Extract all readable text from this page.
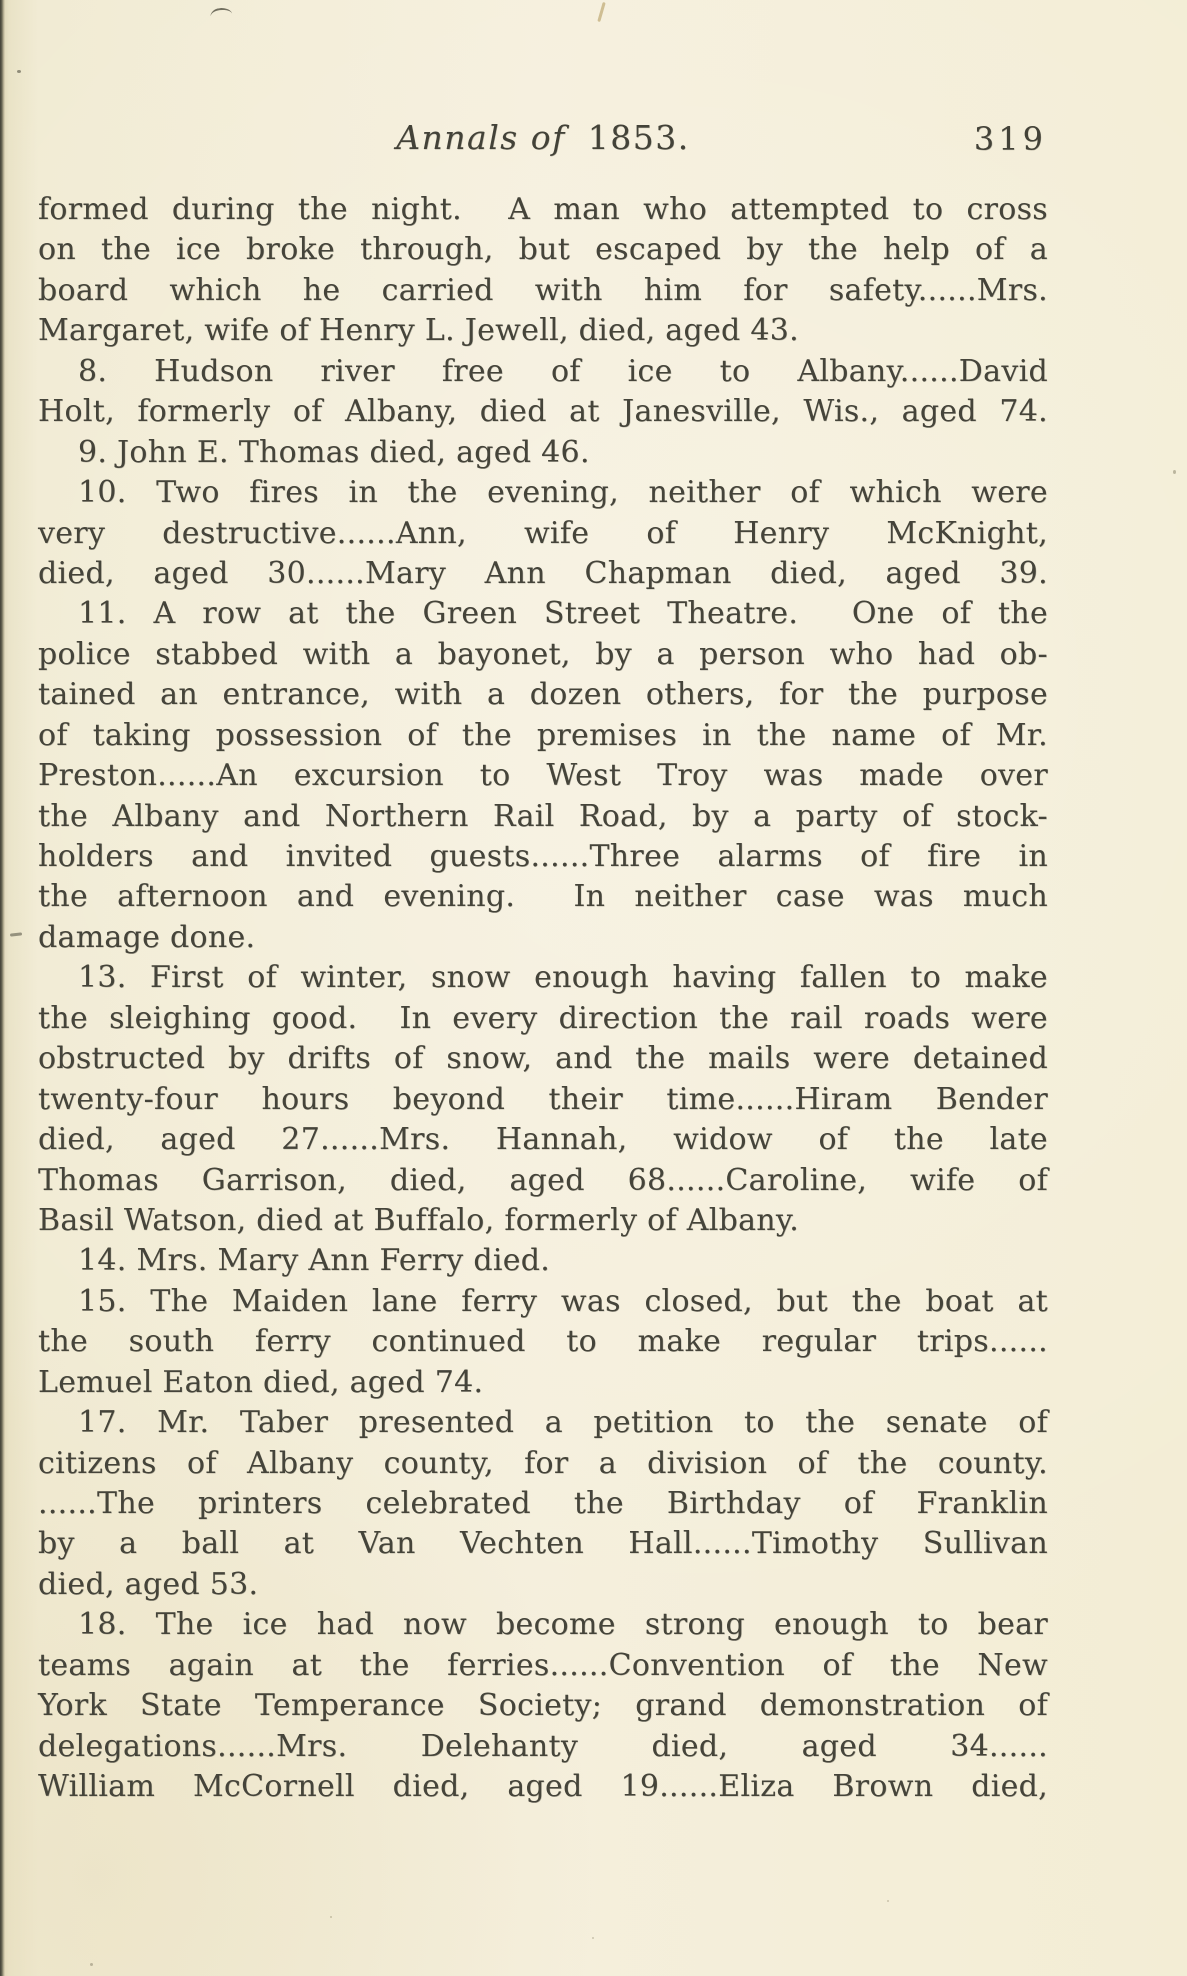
Annals of 1853.	319
formed during the night.  A man who attempted to cross
on the ice broke through, but escaped by the help of a
board which he carried with him for safety......Mrs.
Margaret, wife of Henry L. Jewell, died, aged 43.
8. Hudson river free of ice to Albany......David
Holt, formerly of Albany, died at Janesville, Wis., aged 74.
9. John E. Thomas died, aged 46.
10. Two fires in the evening, neither of which were
very destructive......Ann, wife of Henry McKnight,
died, aged 30......Mary Ann Chapman died, aged 39.
11. A row at the Green Street Theatre.  One of the
police stabbed with a bayonet, by a person who had ob-
tained an entrance, with a dozen others, for the purpose
of taking possession of the premises in the name of Mr.
Preston......An excursion to West Troy was made over
the Albany and Northern Rail Road, by a party of stock-
holders and invited guests......Three alarms of fire in
the afternoon and evening.  In neither case was much
damage done.
13. First of winter, snow enough having fallen to make
the sleighing good.  In every direction the rail roads were
obstructed by drifts of snow, and the mails were detained
twenty-four hours beyond their time......Hiram Bender
died, aged 27......Mrs. Hannah, widow of the late
Thomas Garrison, died, aged 68......Caroline, wife of
Basil Watson, died at Buffalo, formerly of Albany.
14. Mrs. Mary Ann Ferry died.
15. The Maiden lane ferry was closed, but the boat at
the south ferry continued to make regular trips......
Lemuel Eaton died, aged 74.
17. Mr. Taber presented a petition to the senate of
citizens of Albany county, for a division of the county.
......The printers celebrated the Birthday of Franklin
by a ball at Van Vechten Hall......Timothy Sullivan
died, aged 53.
18. The ice had now become strong enough to bear
teams again at the ferries......Convention of the New
York State Temperance Society; grand demonstration of
delegations......Mrs. Delehanty died, aged 34......
William McCornell died, aged 19......Eliza Brown died,
